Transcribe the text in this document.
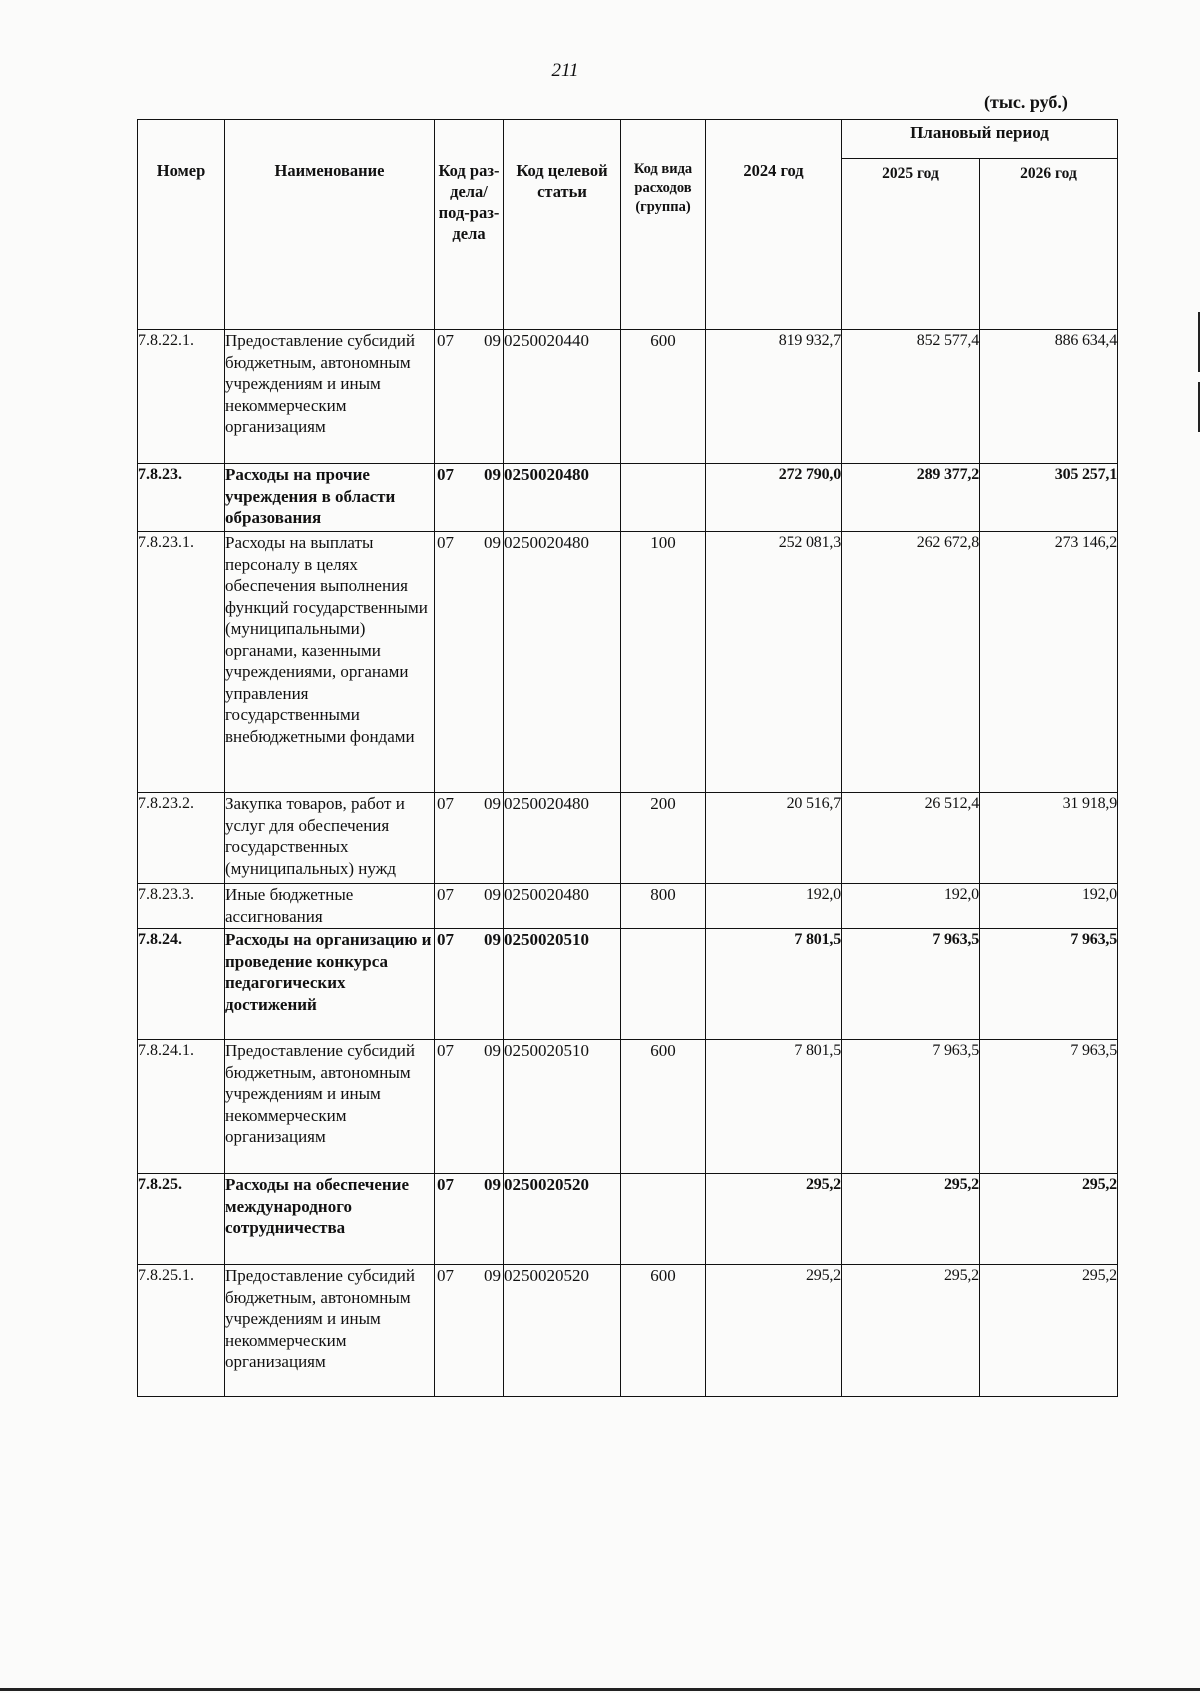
211
(тыс. руб.)
Номер	Наименование	Код раз-дела/ под-раз-дела	Код целевой статьи	Код вида расходов (группа)	2024 год	Плановый период	
						2025 год	2026 год
7.8.22.1.	Предоставление субсидий бюджетным, автономным учреждениям и иным некоммерческим организациям	07 09	0250020440	600	819 932,7	852 577,4	886 634,4
7.8.23.	Расходы на прочие учреждения в области образования	07 09	0250020480		272 790,0	289 377,2	305 257,1
7.8.23.1.	Расходы на выплаты персоналу в целях обеспечения выполнения функций государственными (муниципальными) органами, казенными учреждениями, органами управления государственными внебюджетными фондами	07 09	0250020480	100	252 081,3	262 672,8	273 146,2
7.8.23.2.	Закупка товаров, работ и услуг для обеспечения государственных (муниципальных) нужд	07 09	0250020480	200	20 516,7	26 512,4	31 918,9
7.8.23.3.	Иные бюджетные ассигнования	07 09	0250020480	800	192,0	192,0	192,0
7.8.24.	Расходы на организацию и проведение конкурса педагогических достижений	07 09	0250020510		7 801,5	7 963,5	7 963,5
7.8.24.1.	Предоставление субсидий бюджетным, автономным учреждениям и иным некоммерческим организациям	07 09	0250020510	600	7 801,5	7 963,5	7 963,5
7.8.25.	Расходы на обеспечение международного сотрудничества	07 09	0250020520		295,2	295,2	295,2
7.8.25.1.	Предоставление субсидий бюджетным, автономным учреждениям и иным некоммерческим организациям	07 09	0250020520	600	295,2	295,2	295,2
